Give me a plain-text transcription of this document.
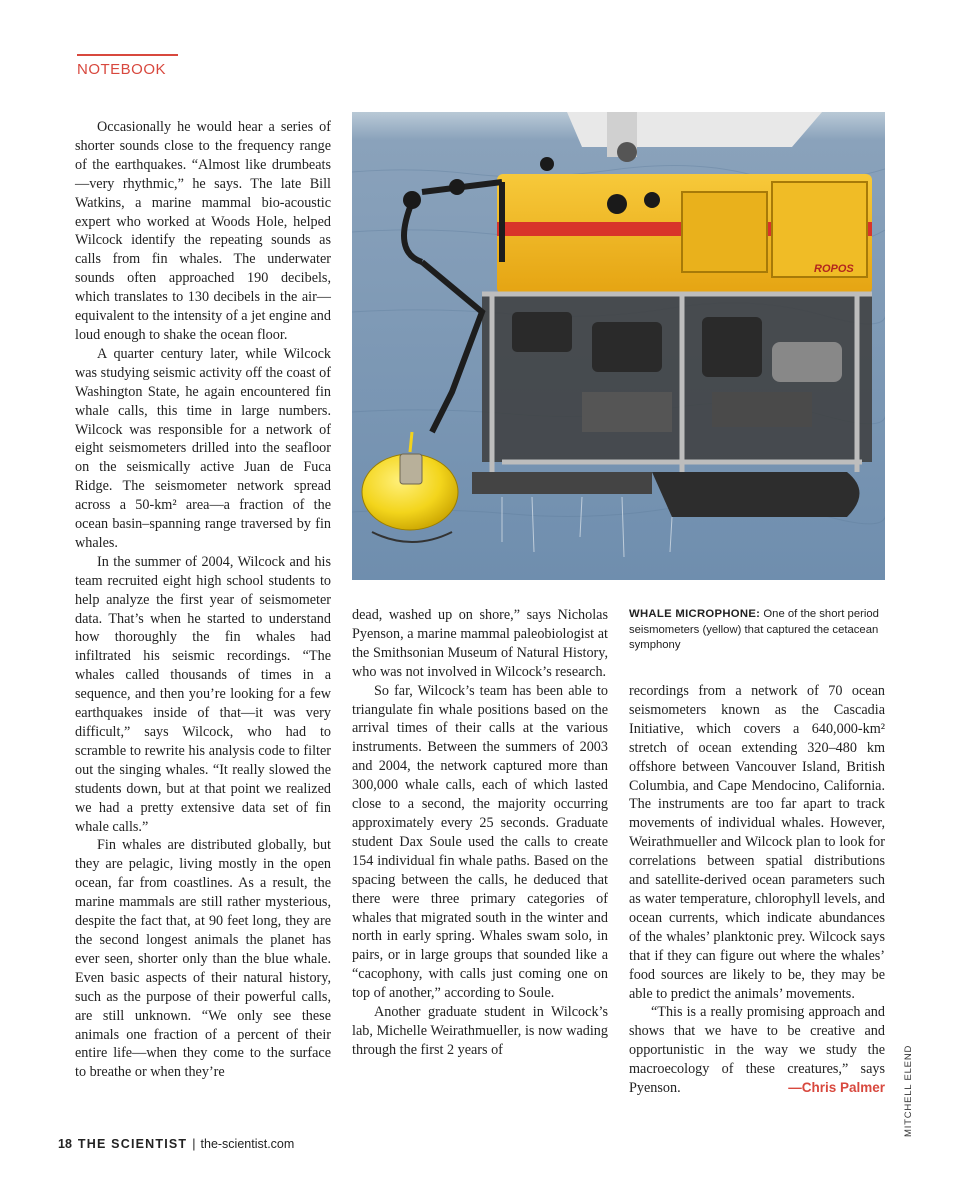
NOTEBOOK

Occasionally he would hear a series of shorter sounds close to the frequency range of the earthquakes. “Almost like drumbeats—very rhythmic,” he says. The late Bill Watkins, a marine mammal bio-acoustic expert who worked at Woods Hole, helped Wilcock identify the repeating sounds as calls from fin whales. The underwater sounds often approached 190 decibels, which translates to 130 decibels in the air—equivalent to the intensity of a jet engine and loud enough to shake the ocean floor.

A quarter century later, while Wilcock was studying seismic activity off the coast of Washington State, he again encountered fin whale calls, this time in large numbers. Wilcock was responsible for a network of eight seismometers drilled into the seafloor on the seismically active Juan de Fuca Ridge. The seismometer network spread across a 50-km² area—a fraction of the ocean basin–spanning range traversed by fin whales.

In the summer of 2004, Wilcock and his team recruited eight high school students to help analyze the first year of seismometer data. That’s when he started to understand how thoroughly the fin whales had infiltrated his seismic recordings. “The whales called thousands of times in a sequence, and then you’re looking for a few earthquakes inside of that—it was very difficult,” says Wilcock, who had to scramble to rewrite his analysis code to filter out the singing whales. “It really slowed the students down, but at that point we realized we had a pretty extensive data set of fin whale calls.”

Fin whales are distributed globally, but they are pelagic, living mostly in the open ocean, far from coastlines. As a result, the marine mammals are still rather mysterious, despite the fact that, at 90 feet long, they are the second longest animals the planet has ever seen, shorter only than the blue whale. Even basic aspects of their natural history, such as the purpose of their powerful calls, are still unknown. “We only see these animals one fraction of a percent of their entire life—when they come to the surface to breathe or when they’re

ROPOS
WHALE MICROPHONE: One of the short period seismometers (yellow) that captured the cetacean symphony

dead, washed up on shore,” says Nicholas Pyenson, a marine mammal paleobiologist at the Smithsonian Museum of Natural History, who was not involved in Wilcock’s research.

So far, Wilcock’s team has been able to triangulate fin whale positions based on the arrival times of their calls at the various instruments. Between the summers of 2003 and 2004, the network captured more than 300,000 whale calls, each of which lasted close to a second, the majority occurring approximately every 25 seconds. Graduate student Dax Soule used the calls to create 154 individual fin whale paths. Based on the spacing between the calls, he deduced that there were three primary categories of whales that migrated south in the winter and north in early spring. Whales swam solo, in pairs, or in large groups that sounded like a “cacophony, with calls just coming one on top of another,” according to Soule.

Another graduate student in Wilcock’s lab, Michelle Weirathmueller, is now wading through the first 2 years of

recordings from a network of 70 ocean seismometers known as the Cascadia Initiative, which covers a 640,000-km² stretch of ocean extending 320–480 km offshore between Vancouver Island, British Columbia, and Cape Mendocino, California. The instruments are too far apart to track movements of individual whales. However, Weirathmueller and Wilcock plan to look for correlations between spatial distributions and satellite-derived ocean parameters such as water temperature, chlorophyll levels, and ocean currents, which indicate abundances of the whales’ planktonic prey. Wilcock says that if they can figure out where the whales’ food sources are likely to be, they may be able to predict the animals’ movements.

“This is a really promising approach and shows that we have to be creative and opportunistic in the way we study the macroecology of these creatures,” says Pyenson.	—Chris Palmer MITCHELL ELEND
18 THE SCIENTIST | the-scientist.com
